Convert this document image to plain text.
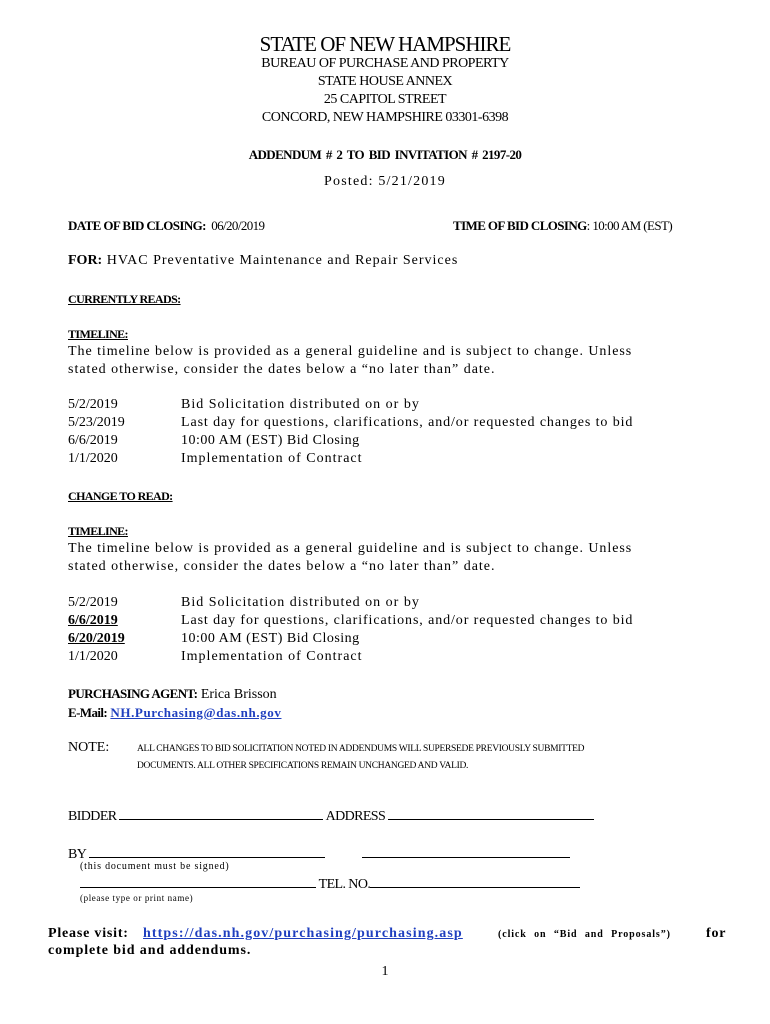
STATE OF NEW HAMPSHIRE
BUREAU OF PURCHASE AND PROPERTY
STATE HOUSE ANNEX
25 CAPITOL STREET
CONCORD, NEW HAMPSHIRE 03301-6398
ADDENDUM # 2 TO BID INVITATION # 2197-20
Posted: 5/21/2019
DATE OF BID CLOSING: 06/20/2019	TIME OF BID CLOSING: 10:00 AM (EST)
FOR: HVAC Preventative Maintenance and Repair Services
CURRENTLY READS:
TIMELINE:
The timeline below is provided as a general guideline and is subject to change. Unless
stated otherwise, consider the dates below a “no later than” date.
5/2/2019	Bid Solicitation distributed on or by
5/23/2019	Last day for questions, clarifications, and/or requested changes to bid
6/6/2019	10:00 AM (EST) Bid Closing
1/1/2020	Implementation of Contract
CHANGE TO READ:
TIMELINE:
The timeline below is provided as a general guideline and is subject to change. Unless
stated otherwise, consider the dates below a “no later than” date.
5/2/2019	Bid Solicitation distributed on or by
6/6/2019	Last day for questions, clarifications, and/or requested changes to bid
6/20/2019	10:00 AM (EST) Bid Closing
1/1/2020	Implementation of Contract
PURCHASING AGENT: Erica Brisson
E-Mail: NH.Purchasing@das.nh.gov
NOTE:	ALL CHANGES TO BID SOLICITATION NOTED IN ADDENDUMS WILL SUPERSEDE PREVIOUSLY SUBMITTED
DOCUMENTS. ALL OTHER SPECIFICATIONS REMAIN UNCHANGED AND VALID.
BIDDER	ADDRESS
BY
(this document must be signed)
TEL. NO.
(please type or print name)
Please visit: https://das.nh.gov/purchasing/purchasing.asp	(click on “Bid and Proposals”)	for
complete bid and addendums.
1
